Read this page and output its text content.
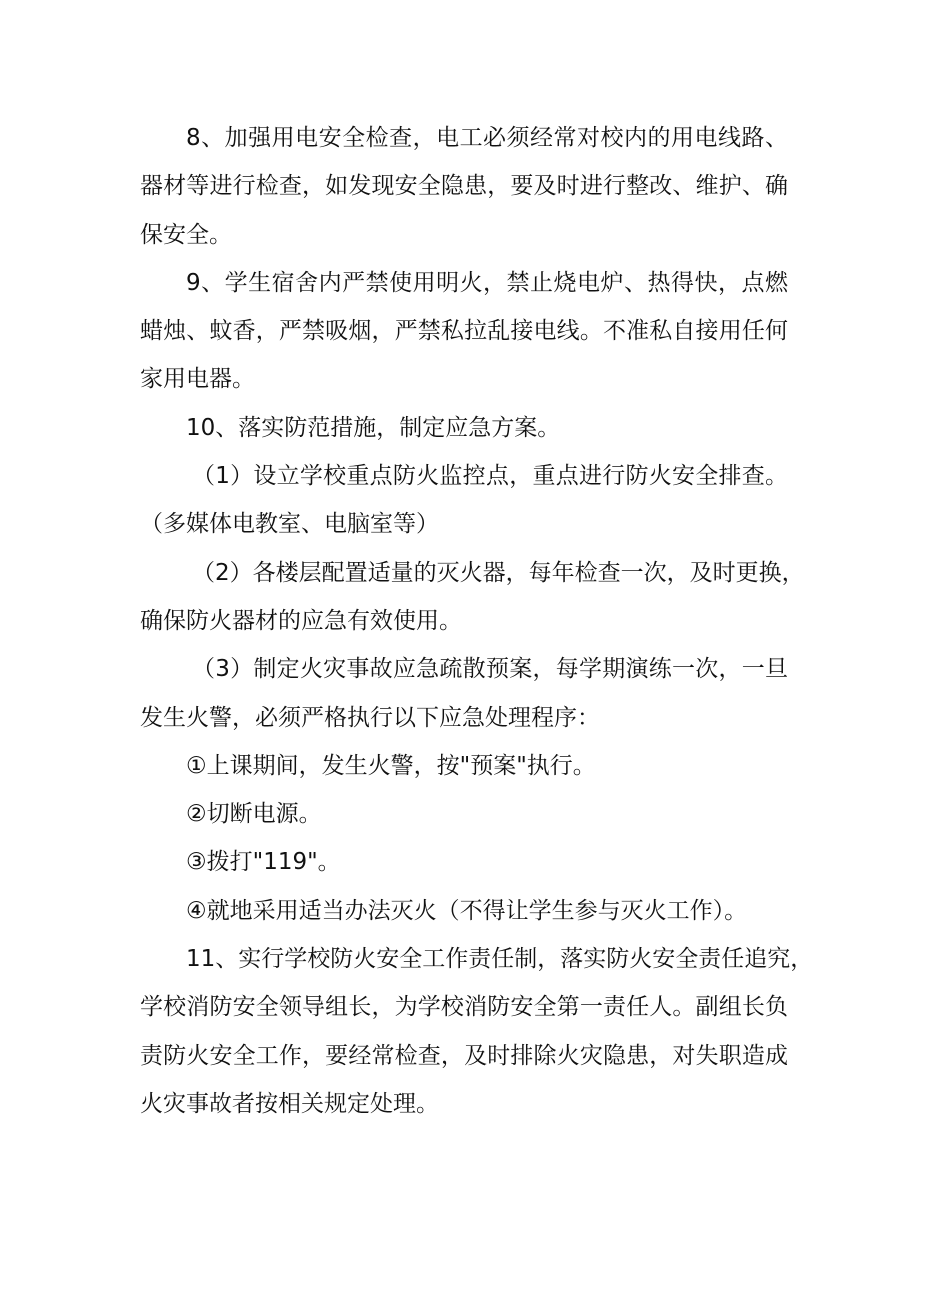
8、加强用电安全检查，电工必须经常对校内的用电线路、
器材等进行检查，如发现安全隐患，要及时进行整改、维护、确
保安全。
9、学生宿舍内严禁使用明火，禁止烧电炉、热得快，点燃
蜡烛、蚊香，严禁吸烟，严禁私拉乱接电线。不准私自接用任何
家用电器。
10、落实防范措施，制定应急方案。
（1）设立学校重点防火监控点，重点进行防火安全排查。
（多媒体电教室、电脑室等）
（2）各楼层配置适量的灭火器，每年检查一次，及时更换，
确保防火器材的应急有效使用。
（3）制定火灾事故应急疏散预案，每学期演练一次，一旦
发生火警，必须严格执行以下应急处理程序：
①上课期间，发生火警，按"预案"执行。
②切断电源。
③拨打"119"。
④就地采用适当办法灭火（不得让学生参与灭火工作）。
11、实行学校防火安全工作责任制，落实防火安全责任追究，
学校消防安全领导组长，为学校消防安全第一责任人。副组长负
责防火安全工作，要经常检查，及时排除火灾隐患，对失职造成
火灾事故者按相关规定处理。
